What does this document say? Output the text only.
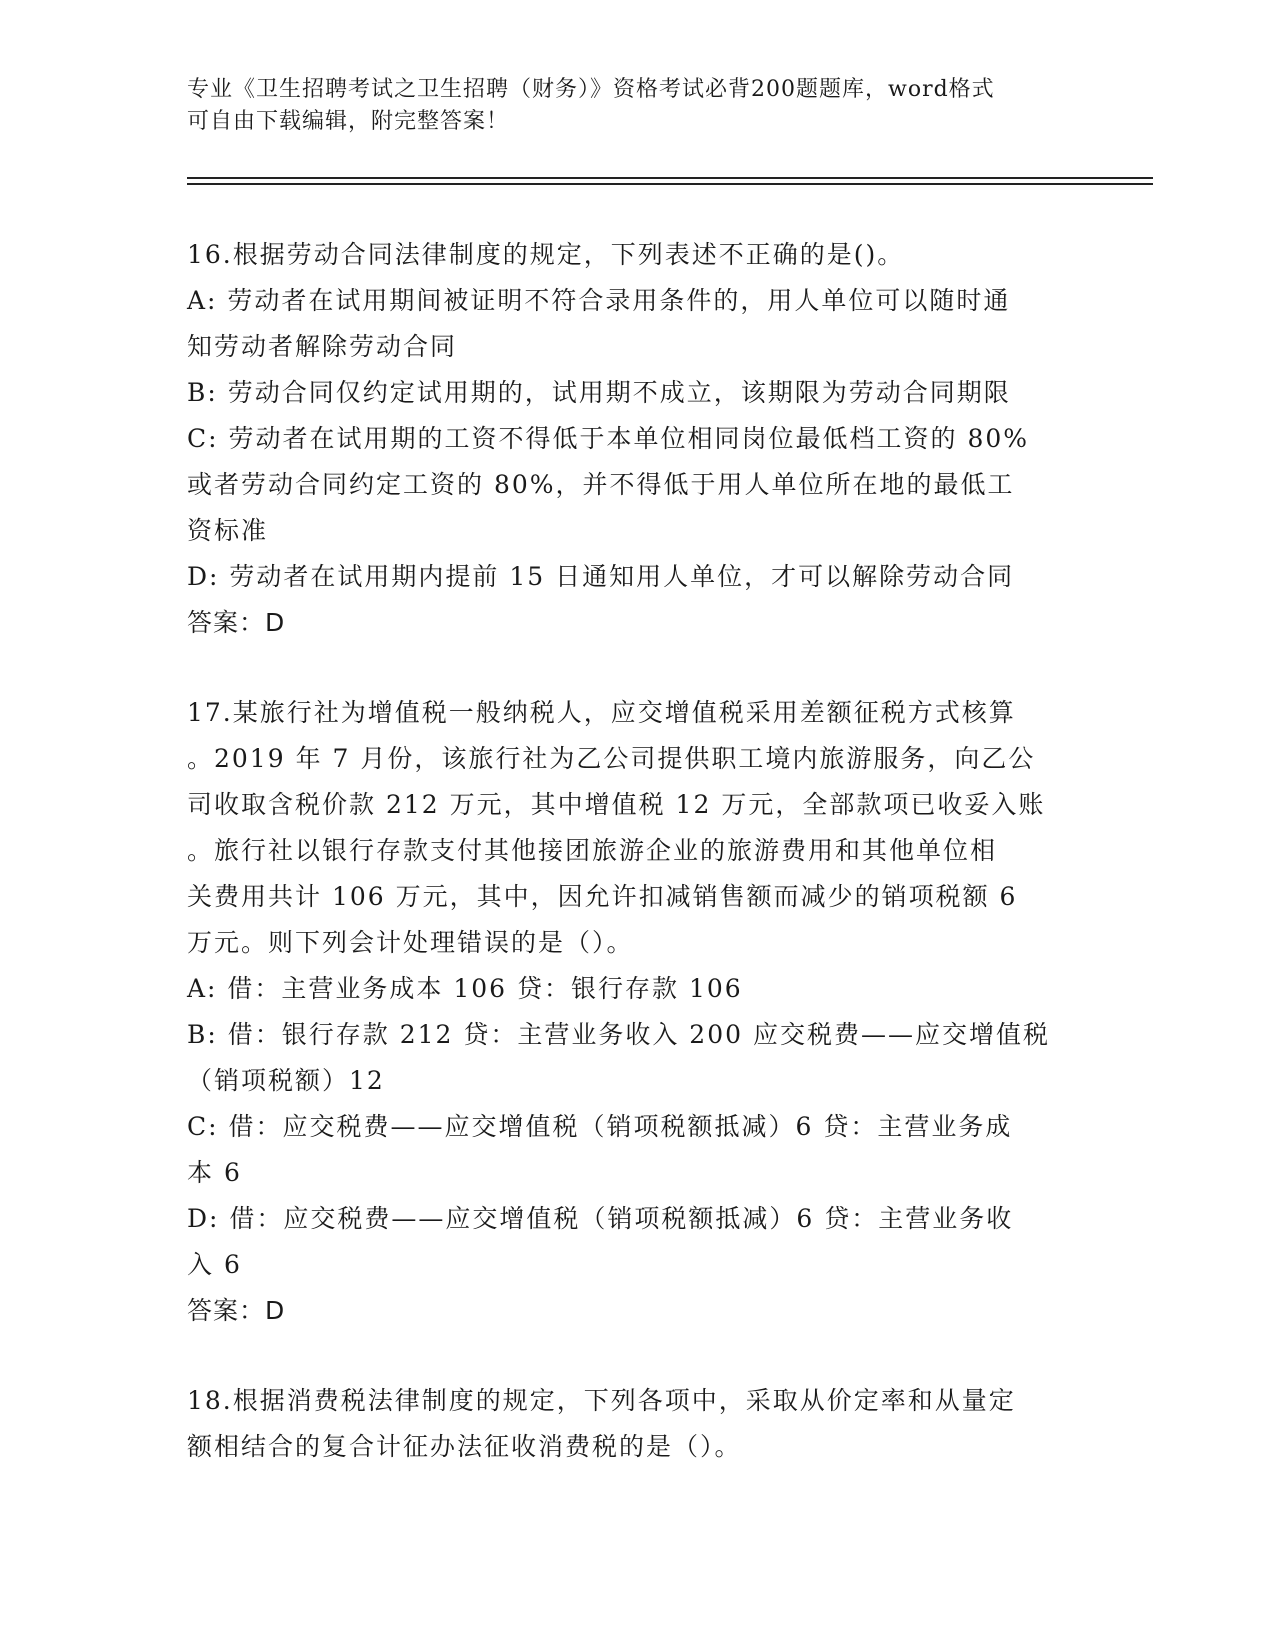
专业《卫生招聘考试之卫生招聘（财务）》资格考试必背200题题库，word格式
可自由下载编辑，附完整答案！
16.根据劳动合同法律制度的规定，下列表述不正确的是()。
A: 劳动者在试用期间被证明不符合录用条件的，用人单位可以随时通
知劳动者解除劳动合同
B: 劳动合同仅约定试用期的，试用期不成立，该期限为劳动合同期限
C: 劳动者在试用期的工资不得低于本单位相同岗位最低档工资的 80%
或者劳动合同约定工资的 80%，并不得低于用人单位所在地的最低工
资标准
D: 劳动者在试用期内提前 15 日通知用人单位，才可以解除劳动合同
答案：D
17.某旅行社为增值税一般纳税人，应交增值税采用差额征税方式核算
。2019 年 7 月份，该旅行社为乙公司提供职工境内旅游服务，向乙公
司收取含税价款 212 万元，其中增值税 12 万元，全部款项已收妥入账
。旅行社以银行存款支付其他接团旅游企业的旅游费用和其他单位相
关费用共计 106 万元，其中，因允许扣减销售额而减少的销项税额 6
万元。则下列会计处理错误的是（）。
A: 借：主营业务成本 106 贷：银行存款 106
B: 借：银行存款 212 贷：主营业务收入 200 应交税费——应交增值税
（销项税额）12
C: 借：应交税费——应交增值税（销项税额抵减）6 贷：主营业务成
本 6
D: 借：应交税费——应交增值税（销项税额抵减）6 贷：主营业务收
入 6
答案：D
18.根据消费税法律制度的规定，下列各项中，采取从价定率和从量定
额相结合的复合计征办法征收消费税的是（）。
